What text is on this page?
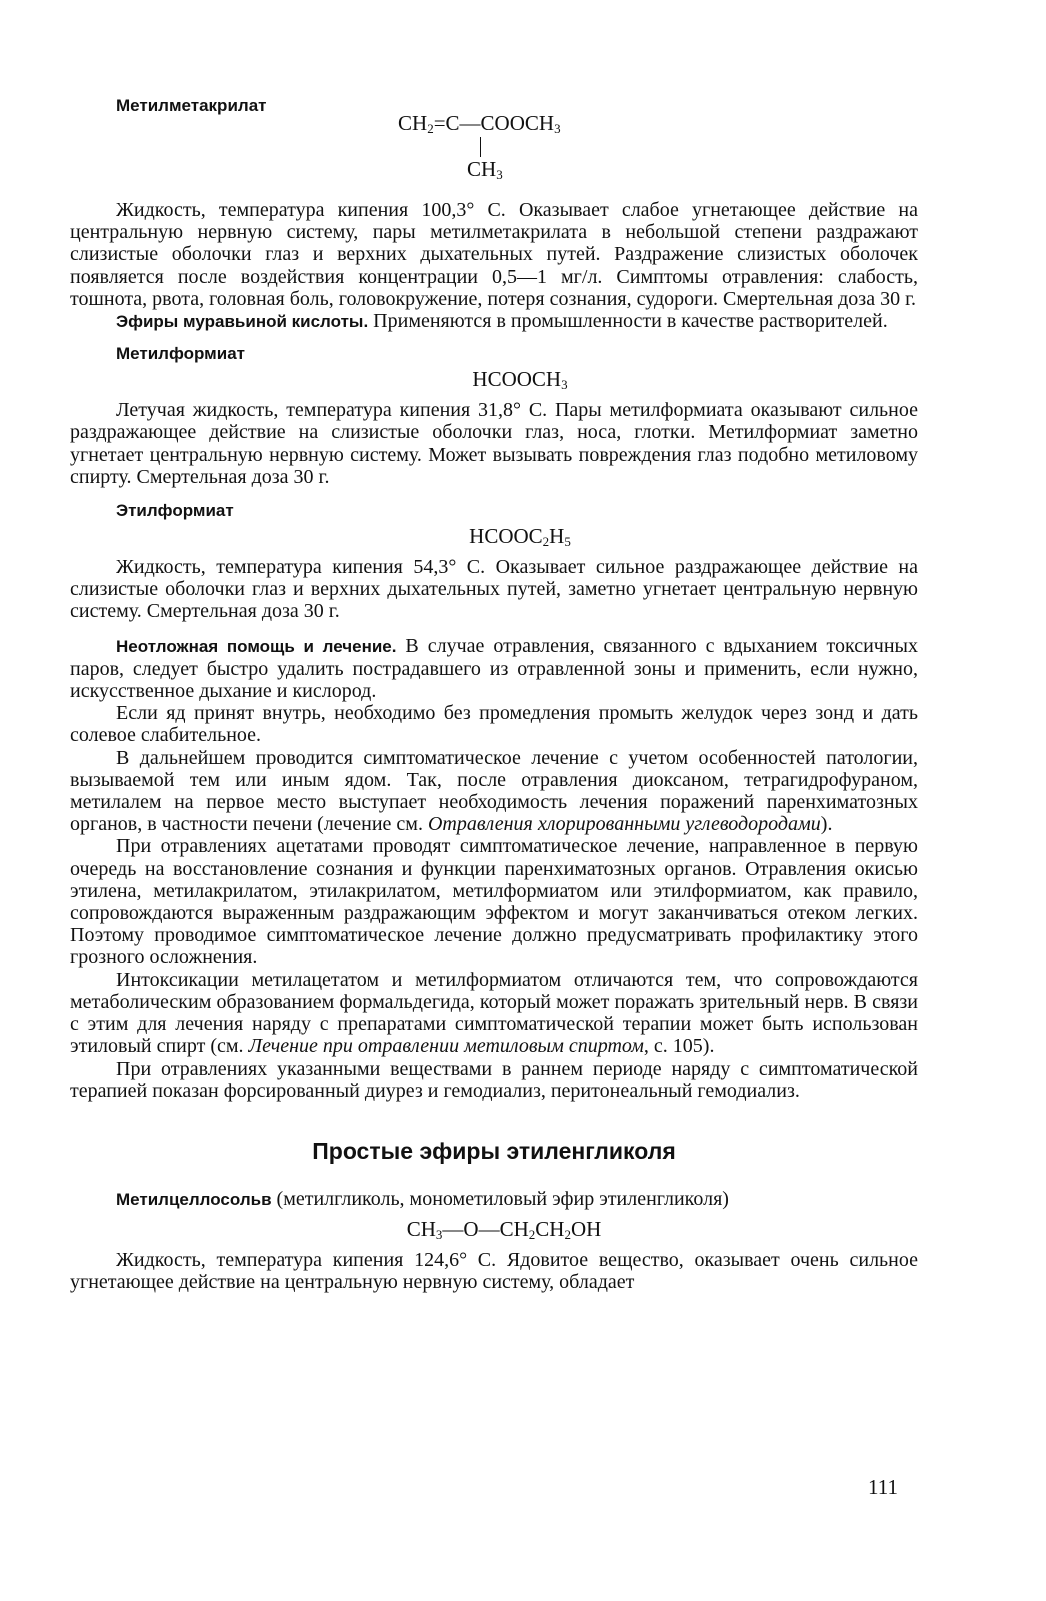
Метилметакрилат

$CH_2=C—COOCH_3$
$CH_3$

Жидкость, температура кипения 100,3° С. Оказывает слабое угнетающее действие на центральную нервную систему, пары метилметакрилата в небольшой степени раздражают слизистые оболочки глаз и верхних дыхательных путей. Раздражение слизистых оболочек появляется после воздействия концентрации 0,5—1 мг/л. Симптомы отравления: слабость, тошнота, рвота, головная боль, головокружение, потеря сознания, судороги. Смертельная доза 30 г.

Эфиры муравьиной кислоты. Применяются в промышленности в качестве растворителей.

Метилформиат

$HCOOCH_3$

Летучая жидкость, температура кипения 31,8° С. Пары метилформиата оказывают сильное раздражающее действие на слизистые оболочки глаз, носа, глотки. Метилформиат заметно угнетает центральную нервную систему. Может вызывать повреждения глаз подобно метиловому спирту. Смертельная доза 30 г.

Этилформиат

$HCOOC_2H_5$

Жидкость, температура кипения 54,3° С. Оказывает сильное раздражающее действие на слизистые оболочки глаз и верхних дыхательных путей, заметно угнетает центральную нервную систему. Смертельная доза 30 г.

Неотложная помощь и лечение. В случае отравления, связанного с вдыханием токсичных паров, следует быстро удалить пострадавшего из отравленной зоны и применить, если нужно, искусственное дыхание и кислород.

Если яд принят внутрь, необходимо без промедления промыть желудок через зонд и дать солевое слабительное.

В дальнейшем проводится симптоматическое лечение с учетом особенностей патологии, вызываемой тем или иным ядом. Так, после отравления диоксаном, тетрагидрофураном, метилалем на первое место выступает необходимость лечения поражений паренхиматозных органов, в частности печени (лечение см. Отравления хлорированными углеводородами).

При отравлениях ацетатами проводят симптоматическое лечение, направленное в первую очередь на восстановление сознания и функции паренхиматозных органов. Отравления окисью этилена, метилакрилатом, этилакрилатом, метилформиатом или этилформиатом, как правило, сопровождаются выраженным раздражающим эффектом и могут заканчиваться отеком легких. Поэтому проводимое симптоматическое лечение должно предусматривать профилактику этого грозного осложнения.

Интоксикации метилацетатом и метилформиатом отличаются тем, что сопровождаются метаболическим образованием формальдегида, который может поражать зрительный нерв. В связи с этим для лечения наряду с препаратами симптоматической терапии может быть использован этиловый спирт (см. Лечение при отравлении метиловым спиртом, с. 105).

При отравлениях указанными веществами в раннем периоде наряду с симптоматической терапией показан форсированный диурез и гемодиализ, перитонеальный гемодиализ.

Простые эфиры этиленгликоля

Метилцеллосольв (метилгликоль, монометиловый эфир этиленгликоля)

$CH_3—O—CH_2CH_2OH$

Жидкость, температура кипения 124,6° С. Ядовитое вещество, оказывает очень сильное угнетающее действие на центральную нервную систему, обладает

111
